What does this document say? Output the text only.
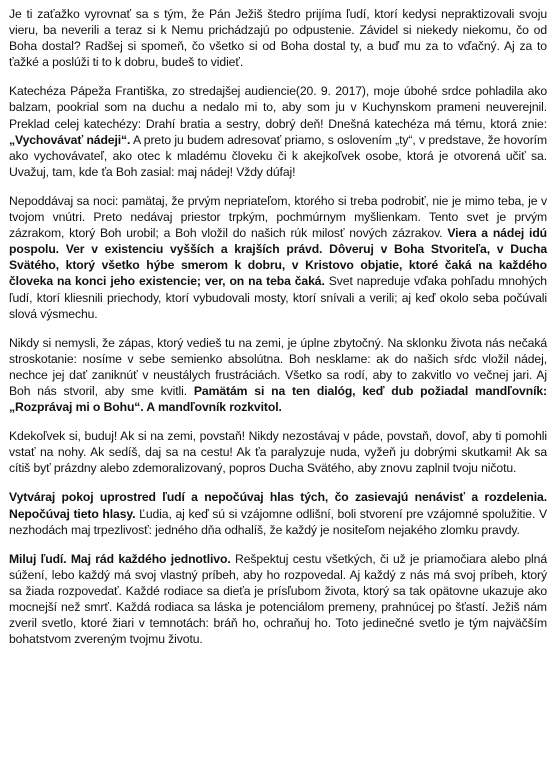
Je ti zaťažko vyrovnať sa s tým, že Pán Ježiš štedro prijíma ľudí, ktorí kedysi nepraktizovali svoju vieru, ba neverili a teraz si k Nemu prichádzajú po odpustenie. Závidel si niekedy niekomu, čo od Boha dostal? Radšej si spomeň, čo všetko si od Boha dostal ty, a buď mu za to vďačný. Aj za to ťažké a poslúži ti to k dobru, budeš to vidieť.

Katechéza Pápeža Františka, zo stredajšej audiencie(20. 9. 2017), moje úbohé srdce pohladila ako balzam, pookrial som na duchu a nedalo mi to, aby som ju v Kuchynskom prameni neuverejnil. Preklad celej katechézy: Drahí bratia a sestry, dobrý deň! Dnešná katechéza má tému, ktorá znie: „Vychovávať nádeji“. A preto ju budem adresovať priamo, s oslovením „ty“, v predstave, že hovorím ako vychovávateľ, ako otec k mladému človeku či k akejkoľvek osobe, ktorá je otvorená učiť sa. Uvažuj, tam, kde ťa Boh zasial: maj nádej! Vždy dúfaj!

Nepoddávaj sa noci: pamätaj, že prvým nepriateľom, ktorého si treba podrobiť, nie je mimo teba, je v tvojom vnútri. Preto nedávaj priestor trpkým, pochmúrnym myšlienkam. Tento svet je prvým zázrakom, ktorý Boh urobil; a Boh vložil do našich rúk milosť nových zázrakov. Viera a nádej idú pospolu. Ver v existenciu vyšších a krajších právd. Dôveruj v Boha Stvoriteľa, v Ducha Svätého, ktorý všetko hýbe smerom k dobru, v Kristovo objatie, ktoré čaká na každého človeka na konci jeho existencie; ver, on na teba čaká. Svet napreduje vďaka pohľadu mnohých ľudí, ktorí kliesnili priechody, ktorí vybudovali mosty, ktorí snívali a verili; aj keď okolo seba počúvali slová výsmechu.

Nikdy si nemysli, že zápas, ktorý vedieš tu na zemi, je úplne zbytočný. Na sklonku života nás nečaká stroskotanie: nosíme v sebe semienko absolútna. Boh nesklame: ak do našich sŕdc vložil nádej, nechce jej dať zaniknúť v neustálych frustráciách. Všetko sa rodí, aby to zakvitlo vo večnej jari. Aj Boh nás stvoril, aby sme kvitli. Pamätám si na ten dialóg, keď dub požiadal mandľovník: „Rozprávaj mi o Bohu“. A mandľovník rozkvitol.

Kdekoľvek si, buduj! Ak si na zemi, povstaň! Nikdy nezostávaj v páde, povstaň, dovoľ, aby ti pomohli vstať na nohy. Ak sedíš, daj sa na cestu! Ak ťa paralyzuje nuda, vyžeň ju dobrými skutkami! Ak sa cítiš byť prázdny alebo zdemoralizovaný, popros Ducha Svätého, aby znovu zaplnil tvoju ničotu.

Vytváraj pokoj uprostred ľudí a nepočúvaj hlas tých, čo zasievajú nenávisť a rozdelenia. Nepočúvaj tieto hlasy. Ľudia, aj keď sú si vzájomne odlišní, boli stvorení pre vzájomné spolužitie. V nezhodách maj trpezlivosť: jedného dňa odhalíš, že každý je nositeľom nejakého zlomku pravdy.

Miluj ľudí. Maj rád každého jednotlivo. Rešpektuj cestu všetkých, či už je priamočiara alebo plná súžení, lebo každý má svoj vlastný príbeh, aby ho rozpovedal. Aj každý z nás má svoj príbeh, ktorý sa žiada rozpovedať. Každé rodiace sa dieťa je prísľubom života, ktorý sa tak opätovne ukazuje ako mocnejší než smrť. Každá rodiaca sa láska je potenciálom premeny, prahnúcej po šťastí. Ježiš nám zveril svetlo, ktoré žiari v temnotách: bráň ho, ochraňuj ho. Toto jedinečné svetlo je tým najväčším bohatstvom zvereným tvojmu životu.
